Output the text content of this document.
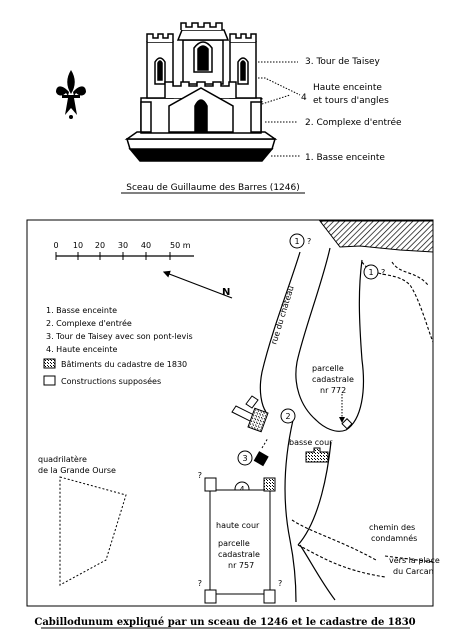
3. Tour de Taisey
4
Haute enceinte
et tours d'angles
2. Complexe d'entrée
1. Basse enceinte
Sceau de Guillaume des Barres (1246)
0 10 20 30 40 50 m
N
1. Basse enceinte
2. Complexe d'entrée
3. Tour de Taisey avec son pont-levis
4. Haute enceinte
Bâtiments du cadastre de 1830
Constructions supposées
rue du château
1 ?
1 ?
2
3
parcelle
cadastrale
nr 772
basse cour
quadrilatère
de la Grande Ourse
?
?	?
haute cour
parcelle
cadastrale
nr 757
chemin des
condamnés
vers la place
du Carcan
Cabillodunum expliqué par un sceau de 1246 et le cadastre de 1830
